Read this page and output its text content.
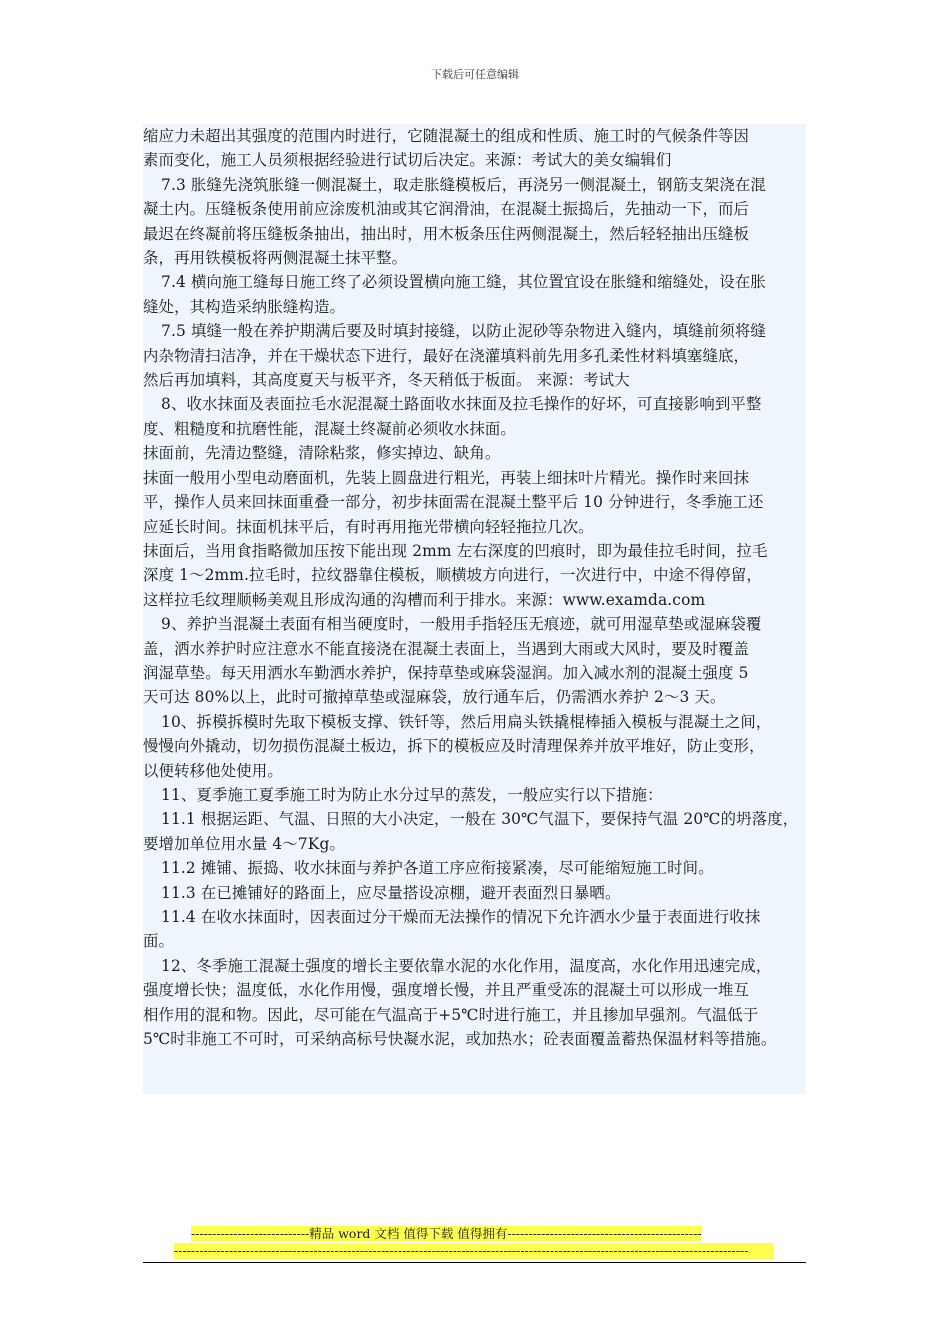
下载后可任意编辑

缩应力未超出其强度的范围内时进行，它随混凝土的组成和性质、施工时的气候条件等因

素而变化，施工人员须根据经验进行试切后决定。来源：考试大的美女编辑们

7.3 胀缝先浇筑胀缝一侧混凝土，取走胀缝模板后，再浇另一侧混凝土，钢筋支架浇在混

凝土内。压缝板条使用前应涂废机油或其它润滑油，在混凝土振捣后，先抽动一下，而后

最迟在终凝前将压缝板条抽出，抽出时，用木板条压住两侧混凝土，然后轻轻抽出压缝板

条，再用铁模板将两侧混凝土抹平整。

7.4 横向施工缝每日施工终了必须设置横向施工缝，其位置宜设在胀缝和缩缝处，设在胀

缝处，其构造采纳胀缝构造。

7.5 填缝一般在养护期满后要及时填封接缝，以防止泥砂等杂物进入缝内，填缝前须将缝

内杂物清扫洁净，并在干燥状态下进行，最好在浇灌填料前先用多孔柔性材料填塞缝底，

然后再加填料，其高度夏天与板平齐，冬天稍低于板面。 来源：考试大

8、收水抹面及表面拉毛水泥混凝土路面收水抹面及拉毛操作的好坏，可直接影响到平整

度、粗糙度和抗磨性能，混凝土终凝前必须收水抹面。

抹面前，先清边整缝，清除粘浆，修实掉边、缺角。

抹面一般用小型电动磨面机，先装上圆盘进行粗光，再装上细抹叶片精光。操作时来回抹

平，操作人员来回抹面重叠一部分，初步抹面需在混凝土整平后 10 分钟进行，冬季施工还

应延长时间。抹面机抹平后，有时再用拖光带横向轻轻拖拉几次。

抹面后，当用食指略微加压按下能出现 2mm 左右深度的凹痕时，即为最佳拉毛时间，拉毛

深度 1～2mm.拉毛时，拉纹器靠住模板，顺横坡方向进行，一次进行中，中途不得停留，

这样拉毛纹理顺畅美观且形成沟通的沟槽而利于排水。来源：www.examda.com

9、养护当混凝土表面有相当硬度时，一般用手指轻压无痕迹，就可用湿草垫或湿麻袋覆

盖，洒水养护时应注意水不能直接浇在混凝土表面上，当遇到大雨或大风时，要及时覆盖

润湿草垫。每天用洒水车勤洒水养护，保持草垫或麻袋湿润。加入减水剂的混凝土强度 5

天可达 80%以上，此时可撤掉草垫或湿麻袋，放行通车后，仍需洒水养护 2～3 天。

10、拆模拆模时先取下模板支撑、铁钎等，然后用扁头铁撬棍棒插入模板与混凝土之间，

慢慢向外撬动，切勿损伤混凝土板边，拆下的模板应及时清理保养并放平堆好，防止变形，

以便转移他处使用。

11、夏季施工夏季施工时为防止水分过早的蒸发，一般应实行以下措施：

11.1 根据运距、气温、日照的大小决定，一般在 30℃气温下，要保持气温 20℃的坍落度，

要增加单位用水量 4～7Kg。

11.2 摊铺、振捣、收水抹面与养护各道工序应衔接紧凑，尽可能缩短施工时间。

11.3 在已摊铺好的路面上，应尽量搭设凉棚，避开表面烈日暴晒。

11.4 在收水抹面时，因表面过分干燥而无法操作的情况下允许洒水少量于表面进行收抹

面。

12、冬季施工混凝土强度的增长主要依靠水泥的水化作用，温度高，水化作用迅速完成，

强度增长快；温度低，水化作用慢，强度增长慢，并且严重受冻的混凝土可以形成一堆互

相作用的混和物。因此，尽可能在气温高于+5℃时进行施工，并且掺加早强剂。气温低于

5℃时非施工不可时，可采纳高标号快凝水泥，或加热水；砼表面覆盖蓄热保温材料等措施。

----------------------------精品 word 文档 值得下载 值得拥有----------------------------------------------
----------------------------------------------------------------------------------------------------------------------------------------
